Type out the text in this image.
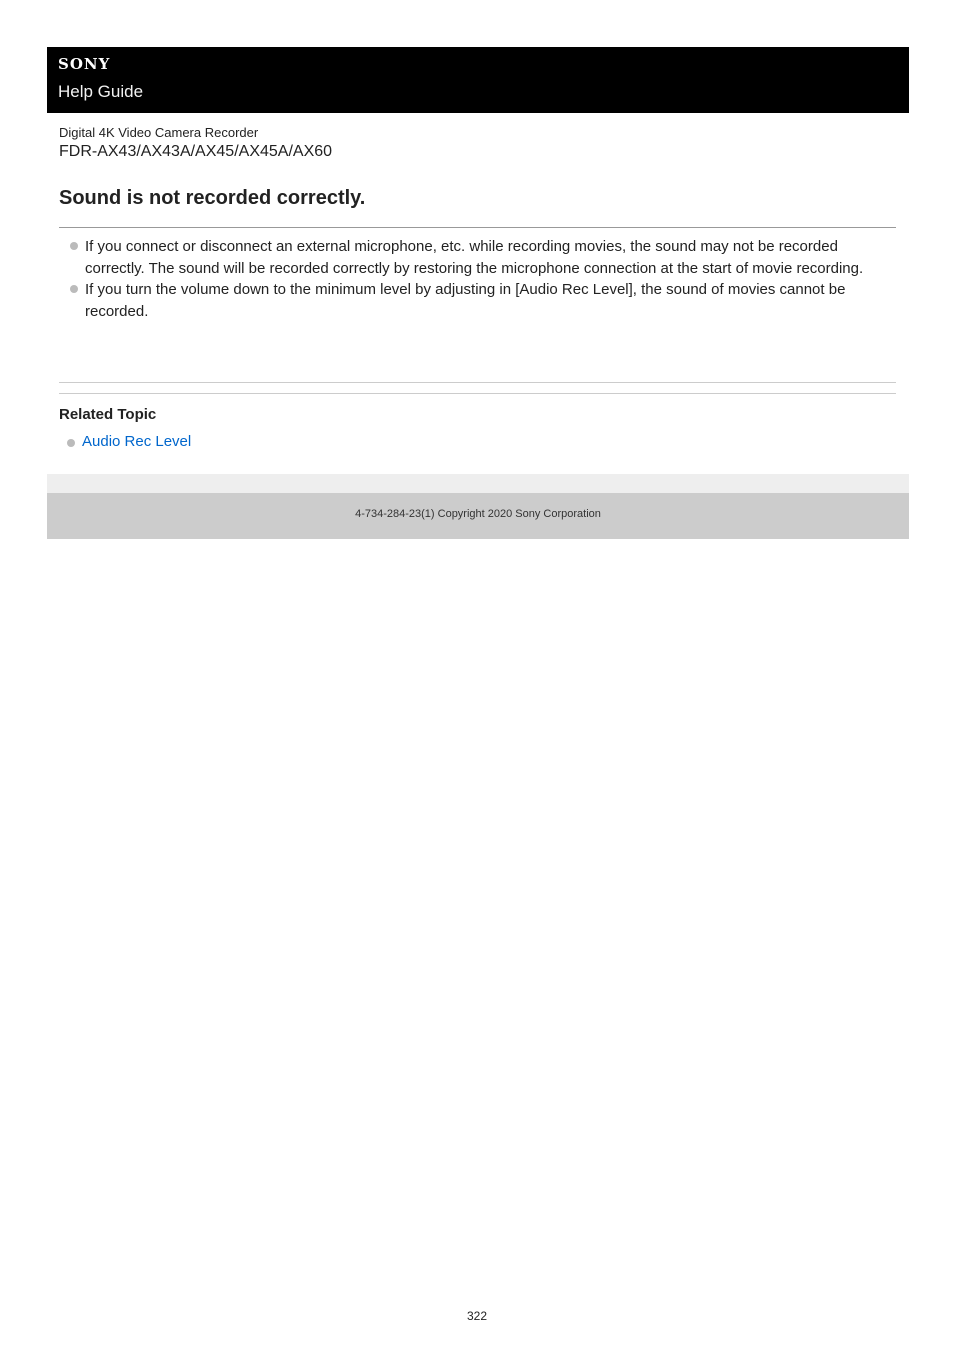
SONY
Help Guide
Digital 4K Video Camera Recorder
FDR-AX43/AX43A/AX45/AX45A/AX60
Sound is not recorded correctly.
If you connect or disconnect an external microphone, etc. while recording movies, the sound may not be recorded correctly. The sound will be recorded correctly by restoring the microphone connection at the start of movie recording.
If you turn the volume down to the minimum level by adjusting in [Audio Rec Level], the sound of movies cannot be recorded.
Related Topic
Audio Rec Level
4-734-284-23(1) Copyright 2020 Sony Corporation
322
